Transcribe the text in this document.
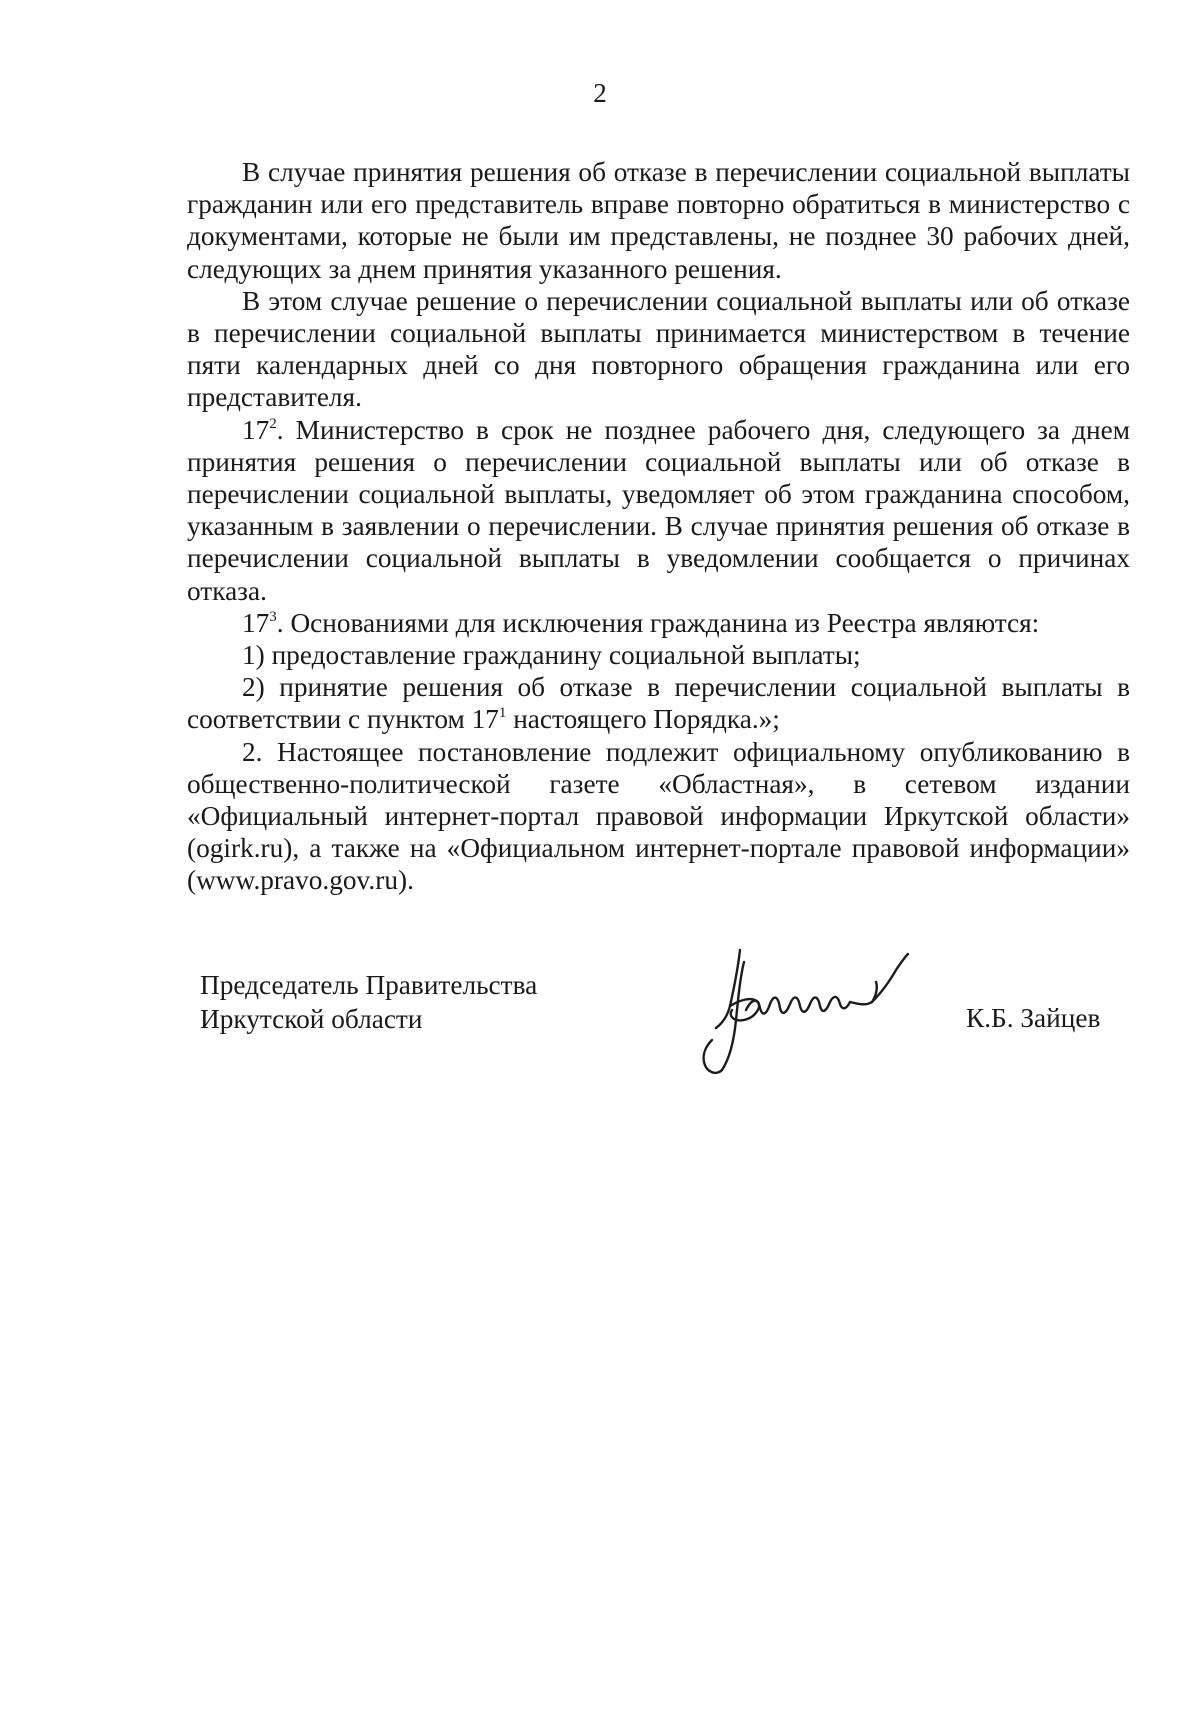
2

В случае принятия решения об отказе в перечислении социальной выплаты гражданин или его представитель вправе повторно обратиться в министерство с документами, которые не были им представлены, не позднее 30 рабочих дней, следующих за днем принятия указанного решения.

В этом случае решение о перечислении социальной выплаты или об отказе в перечислении социальной выплаты принимается министерством в течение пяти календарных дней со дня повторного обращения гражданина или его представителя.

$17^2$. Министерство в срок не позднее рабочего дня, следующего за днем принятия решения о перечислении социальной выплаты или об отказе в перечислении социальной выплаты, уведомляет об этом гражданина способом, указанным в заявлении о перечислении. В случае принятия решения об отказе в перечислении социальной выплаты в уведомлении сообщается о причинах отказа.

$17^3$. Основаниями для исключения гражданина из Реестра являются:

1) предоставление гражданину социальной выплаты;

2) принятие решения об отказе в перечислении социальной выплаты в соответствии с пунктом $17^1$ настоящего Порядка.»;

2. Настоящее постановление подлежит официальному опубликованию в общественно-политической газете «Областная», в сетевом издании «Официальный интернет-портал правовой информации Иркутской области» (ogirk.ru), а также на «Официальном интернет-портале правовой информации» (www.pravo.gov.ru).

Председатель Правительства
Иркутской области	К.Б. Зайцев
